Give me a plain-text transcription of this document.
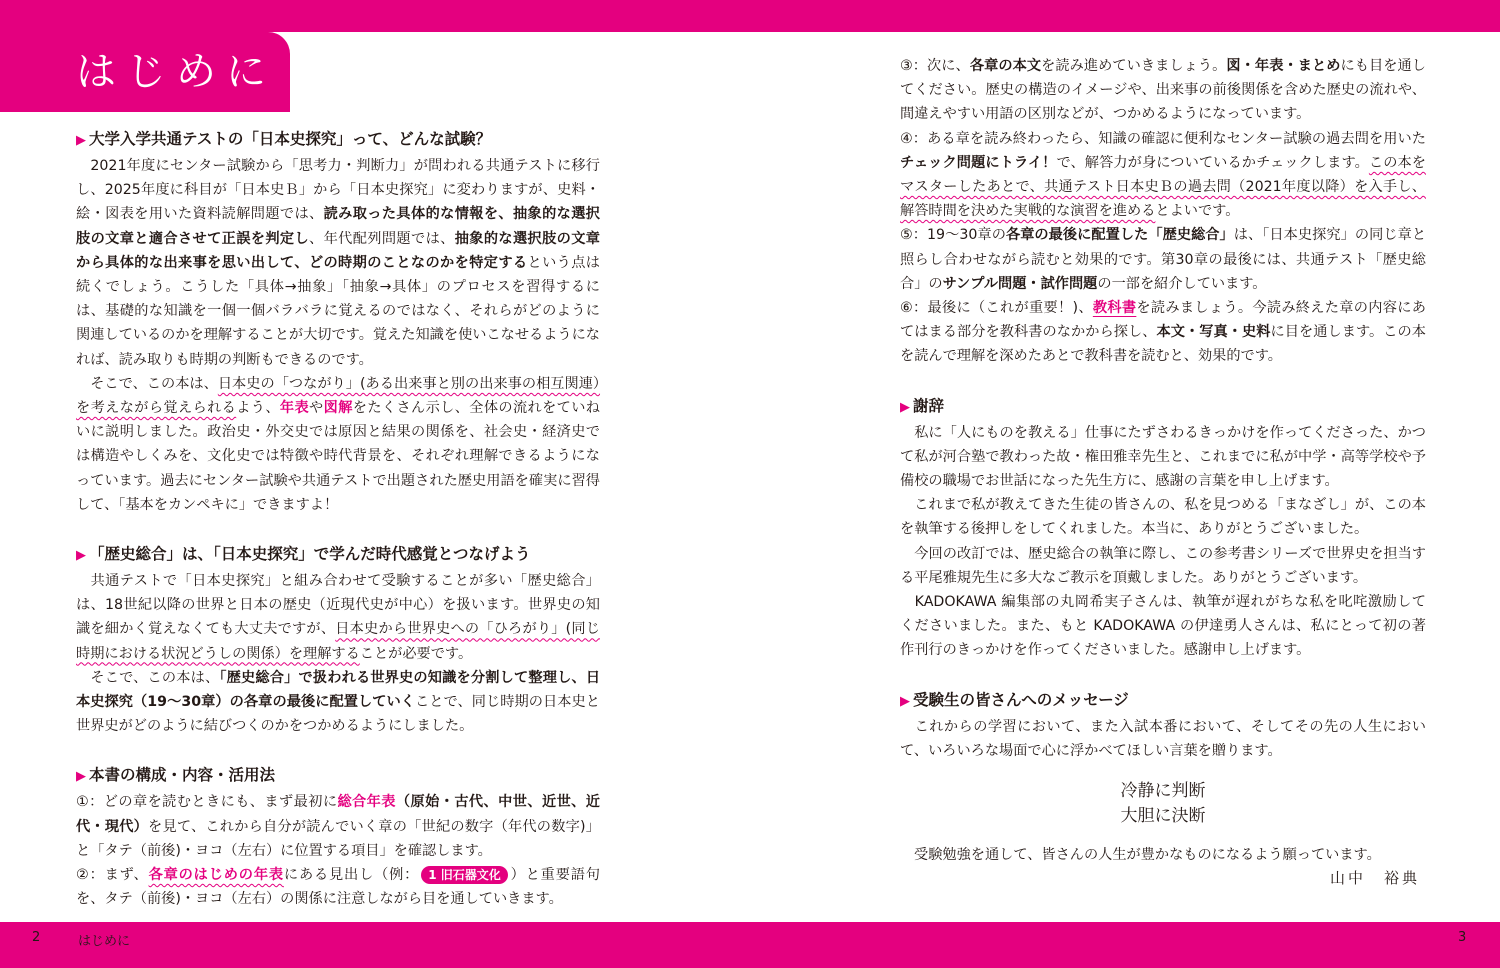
はじめに

▶ 大学入学共通テストの「日本史探究」って、どんな試験？

　2021年度にセンター試験から「思考力・判断力」が問われる共通テストに移行し、2025年度に科目が「日本史Ｂ」から「日本史探究」に変わりますが、史料・絵・図表を用いた資料読解問題では、読み取った具体的な情報を、抽象的な選択肢の文章と適合させて正誤を判定し、年代配列問題では、抽象的な選択肢の文章から具体的な出来事を思い出して、どの時期のことなのかを特定するという点は続くでしょう。こうした「具体→抽象」「抽象→具体」のプロセスを習得するには、基礎的な知識を一個一個バラバラに覚えるのではなく、それらがどのように関連しているのかを理解することが大切です。覚えた知識を使いこなせるようになれば、読み取りも時期の判断もできるのです。

　そこで、この本は、日本史の「つながり」(ある出来事と別の出来事の相互関連）を考えながら覚えられるよう、年表や図解をたくさん示し、全体の流れをていねいに説明しました。政治史・外交史では原因と結果の関係を、社会史・経済史では構造やしくみを、文化史では特徴や時代背景を、それぞれ理解できるようになっています。過去にセンター試験や共通テストで出題された歴史用語を確実に習得して、「基本をカンペキに」できますよ！

▶ 「歴史総合」は、「日本史探究」で学んだ時代感覚とつなげよう

　共通テストで「日本史探究」と組み合わせて受験することが多い「歴史総合」は、18世紀以降の世界と日本の歴史（近現代史が中心）を扱います。世界史の知識を細かく覚えなくても大丈夫ですが、日本史から世界史への「ひろがり」(同じ時期における状況どうしの関係）を理解することが必要です。

　そこで、この本は、「歴史総合」で扱われる世界史の知識を分割して整理し、日本史探究（19〜30章）の各章の最後に配置していくことで、同じ時期の日本史と世界史がどのように結びつくのかをつかめるようにしました。

▶ 本書の構成・内容・活用法

①：どの章を読むときにも、まず最初に総合年表（原始・古代、中世、近世、近代・現代）を見て、これから自分が読んでいく章の「世紀の数字（年代の数字)」と「タテ（前後)・ヨコ（左右）に位置する項目」を確認します。

②：まず、各章のはじめの年表にある見出し（例： 1 旧石器文化 ）と重要語句を、タテ（前後)・ヨコ（左右）の関係に注意しながら目を通していきます。

③：次に、各章の本文を読み進めていきましょう。図・年表・まとめにも目を通してください。歴史の構造のイメージや、出来事の前後関係を含めた歴史の流れや、間違えやすい用語の区別などが、つかめるようになっています。

④：ある章を読み終わったら、知識の確認に便利なセンター試験の過去問を用いたチェック問題にトライ！で、解答力が身についているかチェックします。この本をマスターしたあとで、共通テスト日本史Ｂの過去問（2021年度以降）を入手し、解答時間を決めた実戦的な演習を進めるとよいです。

⑤：19〜30章の各章の最後に配置した「歴史総合」は、「日本史探究」の同じ章と照らし合わせながら読むと効果的です。第30章の最後には、共通テスト「歴史総合」のサンプル問題・試作問題の一部を紹介しています。

⑥：最後に（これが重要！)、教科書を読みましょう。今読み終えた章の内容にあてはまる部分を教科書のなかから探し、本文・写真・史料に目を通します。この本を読んで理解を深めたあとで教科書を読むと、効果的です。

▶ 謝辞

　私に「人にものを教える」仕事にたずさわるきっかけを作ってくださった、かつて私が河合塾で教わった故・権田雅幸先生と、これまでに私が中学・高等学校や予備校の職場でお世話になった先生方に、感謝の言葉を申し上げます。

　これまで私が教えてきた生徒の皆さんの、私を見つめる「まなざし」が、この本を執筆する後押しをしてくれました。本当に、ありがとうございました。

　今回の改訂では、歴史総合の執筆に際し、この参考書シリーズで世界史を担当する平尾雅規先生に多大なご教示を頂戴しました。ありがとうございます。

　KADOKAWA 編集部の丸岡希実子さんは、執筆が遅れがちな私を叱咤激励してくださいました。また、もと KADOKAWA の伊達勇人さんは、私にとって初の著作刊行のきっかけを作ってくださいました。感謝申し上げます。

▶ 受験生の皆さんへのメッセージ

　これからの学習において、また入試本番において、そしてその先の人生において、いろいろな場面で心に浮かべてほしい言葉を贈ります。

冷静に判断
大胆に決断

受験勉強を通して、皆さんの人生が豊かなものになるよう願っています。

山中　裕典
2	はじめに	3
